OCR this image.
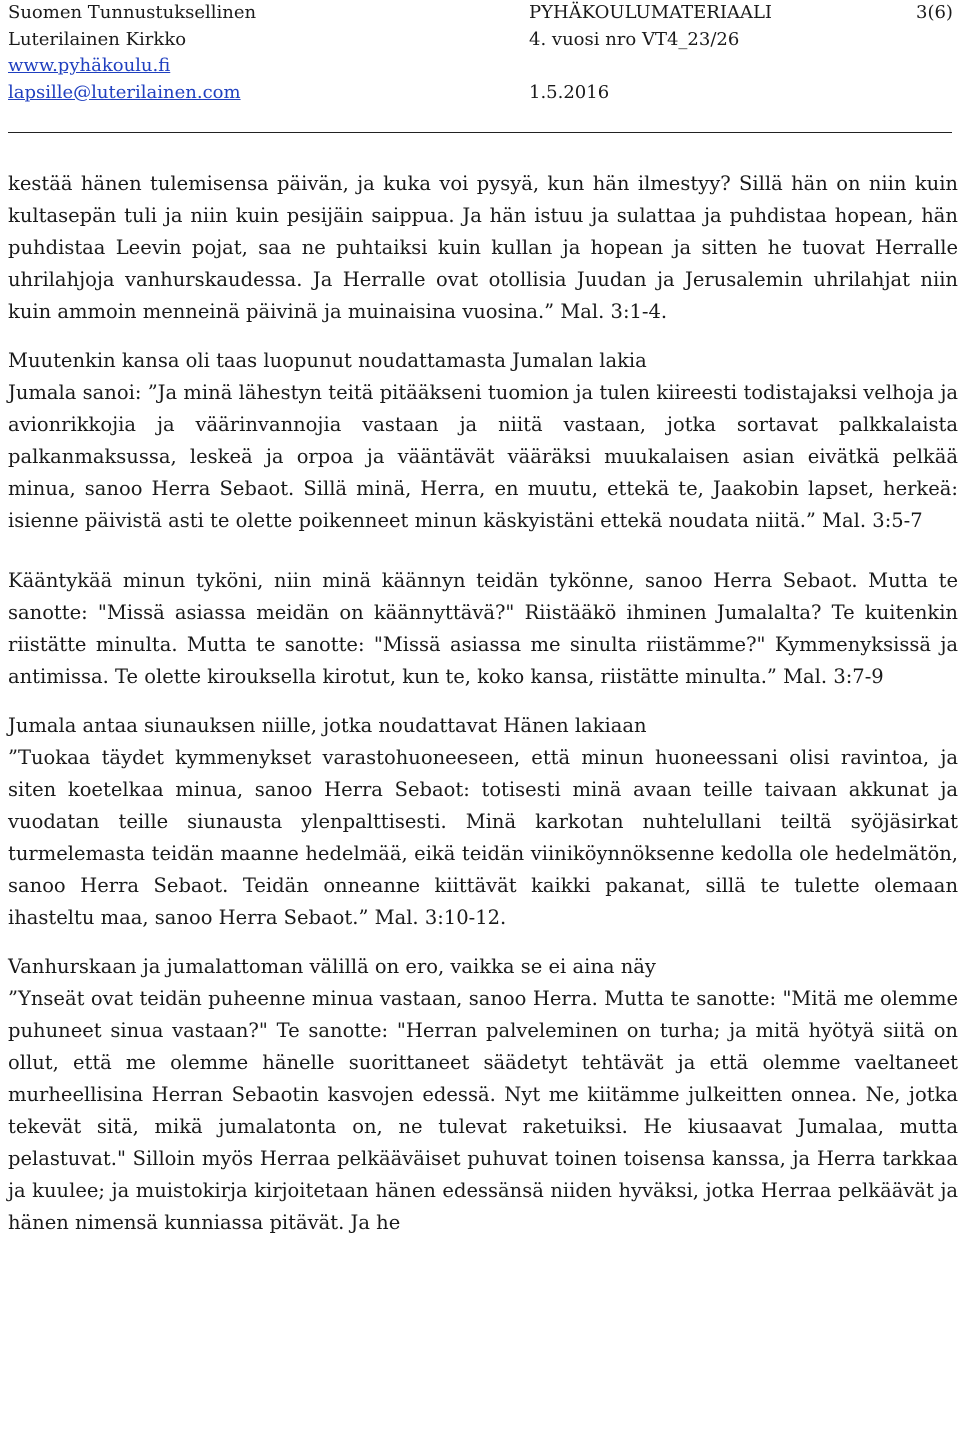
Suomen Tunnustuksellinen	PYHÄKOULUMATERIAALI	3(6)
Luterilainen Kirkko	4. vuosi nro VT4_23/26
www.pyhäkoulu.fi
lapsille@luterilainen.com	1.5.2016

kestää hänen tulemisensa päivän, ja kuka voi pysyä, kun hän ilmestyy? Sillä hän on niin kuin kultasepän tuli ja niin kuin pesijäin saippua. Ja hän istuu ja sulattaa ja puhdistaa hopean, hän puhdistaa Leevin pojat, saa ne puhtaiksi kuin kullan ja hopean ja sitten he tuovat Herralle uhrilahjoja vanhurskaudessa. Ja Herralle ovat otollisia Juudan ja Jerusalemin uhrilahjat niin kuin ammoin menneinä päivinä ja muinaisina vuosina.” Mal. 3:1-4.

Muutenkin kansa oli taas luopunut noudattamasta Jumalan lakia

Jumala sanoi: ”Ja minä lähestyn teitä pitääkseni tuomion ja tulen kiireesti todistajaksi velhoja ja avionrikkojia ja väärinvannojia vastaan ja niitä vastaan, jotka sortavat palkkalaista palkanmaksussa, leskeä ja orpoa ja vääntävät vääräksi muukalaisen asian eivätkä pelkää minua, sanoo Herra Sebaot. Sillä minä, Herra, en muutu, ettekä te, Jaakobin lapset, herkeä: isienne päivistä asti te olette poikenneet minun käskyistäni ettekä noudata niitä.” Mal. 3:5-7

Kääntykää minun tyköni, niin minä käännyn teidän tykönne, sanoo Herra Sebaot. Mutta te sanotte: "Missä asiassa meidän on käännyttävä?" Riistääkö ihminen Jumalalta? Te kuitenkin riistätte minulta. Mutta te sanotte: "Missä asiassa me sinulta riistämme?" Kymmenyksissä ja antimissa. Te olette kirouksella kirotut, kun te, koko kansa, riistätte minulta.” Mal. 3:7-9

Jumala antaa siunauksen niille, jotka noudattavat Hänen lakiaan

”Tuokaa täydet kymmenykset varastohuoneeseen, että minun huoneessani olisi ravintoa, ja siten koetelkaa minua, sanoo Herra Sebaot: totisesti minä avaan teille taivaan akkunat ja vuodatan teille siunausta ylenpalttisesti. Minä karkotan nuhtelullani teiltä syöjäsirkat turmelemasta teidän maanne hedelmää, eikä teidän viiniköynnöksenne kedolla ole hedelmätön, sanoo Herra Sebaot. Teidän onneanne kiittävät kaikki pakanat, sillä te tulette olemaan ihasteltu maa, sanoo Herra Sebaot.” Mal. 3:10-12.

Vanhurskaan ja jumalattoman välillä on ero, vaikka se ei aina näy

”Ynseät ovat teidän puheenne minua vastaan, sanoo Herra. Mutta te sanotte: "Mitä me olemme puhuneet sinua vastaan?" Te sanotte: "Herran palveleminen on turha; ja mitä hyötyä siitä on ollut, että me olemme hänelle suorittaneet säädetyt tehtävät ja että olemme vaeltaneet murheellisina Herran Sebaotin kasvojen edessä. Nyt me kiitämme julkeitten onnea. Ne, jotka tekevät sitä, mikä jumalatonta on, ne tulevat raketuiksi. He kiusaavat Jumalaa, mutta pelastuvat." Silloin myös Herraa pelkääväiset puhuvat toinen toisensa kanssa, ja Herra tarkkaa ja kuulee; ja muistokirja kirjoitetaan hänen edessänsä niiden hyväksi, jotka Herraa pelkäävät ja hänen nimensä kunniassa pitävät. Ja he
